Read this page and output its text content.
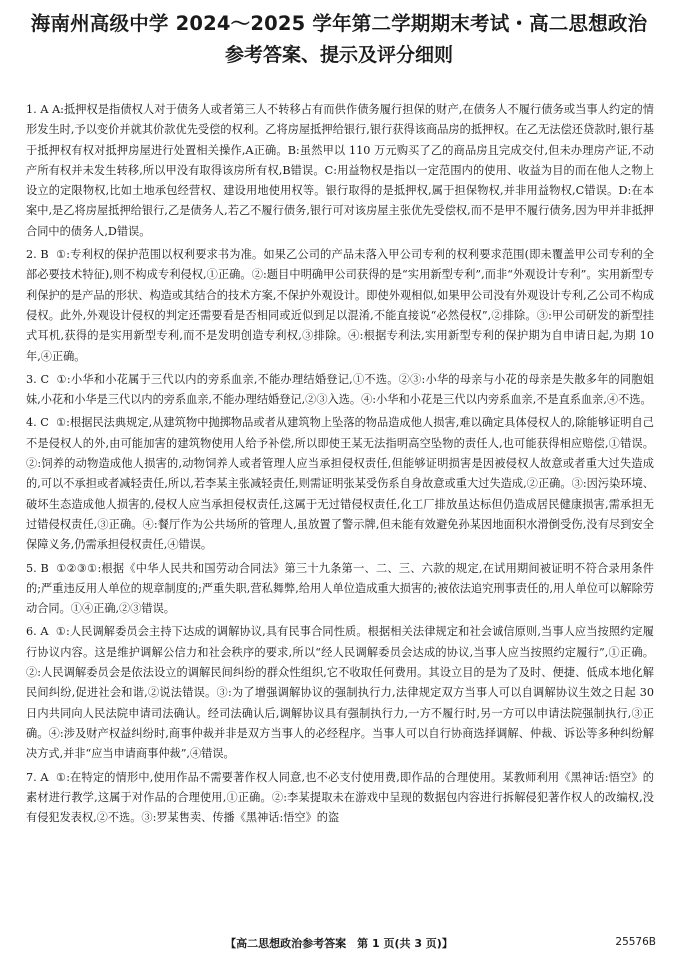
海南州高级中学 2024～2025 学年第二学期期末考试・高二思想政治
参考答案、提示及评分细则

1. A A:抵押权是指债权人对于债务人或者第三人不转移占有而供作债务履行担保的财产,在债务人不履行债务或当事人约定的情形发生时,予以变价并就其价款优先受偿的权利。乙将房屋抵押给银行,银行获得该商品房的抵押权。在乙无法偿还贷款时,银行基于抵押权有权对抵押房屋进行处置相关操作,A正确。B:虽然甲以 110 万元购买了乙的商品房且完成交付,但未办理房产证,不动产所有权并未发生转移,所以甲没有取得该房所有权,B错误。C:用益物权是指以一定范围内的使用、收益为目的而在他人之物上设立的定限物权,比如土地承包经营权、建设用地使用权等。银行取得的是抵押权,属于担保物权,并非用益物权,C错误。D:在本案中,是乙将房屋抵押给银行,乙是债务人,若乙不履行债务,银行可对该房屋主张优先受偿权,而不是甲不履行债务,因为甲并非抵押合同中的债务人,D错误。

2. B ①:专利权的保护范围以权利要求书为准。如果乙公司的产品未落入甲公司专利的权利要求范围(即未覆盖甲公司专利的全部必要技术特征),则不构成专利侵权,①正确。②:题目中明确甲公司获得的是“实用新型专利”,而非“外观设计专利”。实用新型专利保护的是产品的形状、构造或其结合的技术方案,不保护外观设计。即使外观相似,如果甲公司没有外观设计专利,乙公司不构成侵权。此外,外观设计侵权的判定还需要看是否相同或近似到足以混淆,不能直接说“必然侵权”,②排除。③:甲公司研发的新型挂式耳机,获得的是实用新型专利,而不是发明创造专利权,③排除。④:根据专利法,实用新型专利的保护期为自申请日起,为期 10 年,④正确。

3. C ①:小华和小花属于三代以内的旁系血亲,不能办理结婚登记,①不选。②③:小华的母亲与小花的母亲是失散多年的同胞姐妹,小花和小华是三代以内的旁系血亲,不能办理结婚登记,②③入选。④:小华和小花是三代以内旁系血亲,不是直系血亲,④不选。

4. C ①:根据民法典规定,从建筑物中抛掷物品或者从建筑物上坠落的物品造成他人损害,难以确定具体侵权人的,除能够证明自己不是侵权人的外,由可能加害的建筑物使用人给予补偿,所以即使王某无法指明高空坠物的责任人,也可能获得相应赔偿,①错误。②:饲养的动物造成他人损害的,动物饲养人或者管理人应当承担侵权责任,但能够证明损害是因被侵权人故意或者重大过失造成的,可以不承担或者减轻责任,所以,若李某主张减轻责任,则需证明张某受伤系自身故意或重大过失造成,②正确。③:因污染环境、破坏生态造成他人损害的,侵权人应当承担侵权责任,这属于无过错侵权责任,化工厂排放虽达标但仍造成居民健康损害,需承担无过错侵权责任,③正确。④:餐厅作为公共场所的管理人,虽放置了警示牌,但未能有效避免孙某因地面积水滑倒受伤,没有尽到安全保障义务,仍需承担侵权责任,④错误。

5. B ①②③①:根据《中华人民共和国劳动合同法》第三十九条第一、二、三、六款的规定,在试用期间被证明不符合录用条件的;严重违反用人单位的规章制度的;严重失职,营私舞弊,给用人单位造成重大损害的;被依法追究刑事责任的,用人单位可以解除劳动合同。①④正确,②③错误。

6. A ①:人民调解委员会主持下达成的调解协议,具有民事合同性质。根据相关法律规定和社会诚信原则,当事人应当按照约定履行协议内容。这是维护调解公信力和社会秩序的要求,所以“经人民调解委员会达成的协议,当事人应当按照约定履行”,①正确。②:人民调解委员会是依法设立的调解民间纠纷的群众性组织,它不收取任何费用。其设立目的是为了及时、便捷、低成本地化解民间纠纷,促进社会和谐,②说法错误。③:为了增强调解协议的强制执行力,法律规定双方当事人可以自调解协议生效之日起 30 日内共同向人民法院申请司法确认。经司法确认后,调解协议具有强制执行力,一方不履行时,另一方可以申请法院强制执行,③正确。④:涉及财产权益纠纷时,商事仲裁并非是双方当事人的必经程序。当事人可以自行协商选择调解、仲裁、诉讼等多种纠纷解决方式,并非“应当申请商事仲裁”,④错误。

7. A ①:在特定的情形中,使用作品不需要著作权人同意,也不必支付使用费,即作品的合理使用。某教师利用《黑神话:悟空》的素材进行教学,这属于对作品的合理使用,①正确。②:李某提取未在游戏中呈现的数据包内容进行拆解侵犯著作权人的改编权,没有侵犯发表权,②不选。③:罗某售卖、传播《黑神话:悟空》的盗

【高二思想政治参考答案　第 1 页(共 3 页)】	25576B
